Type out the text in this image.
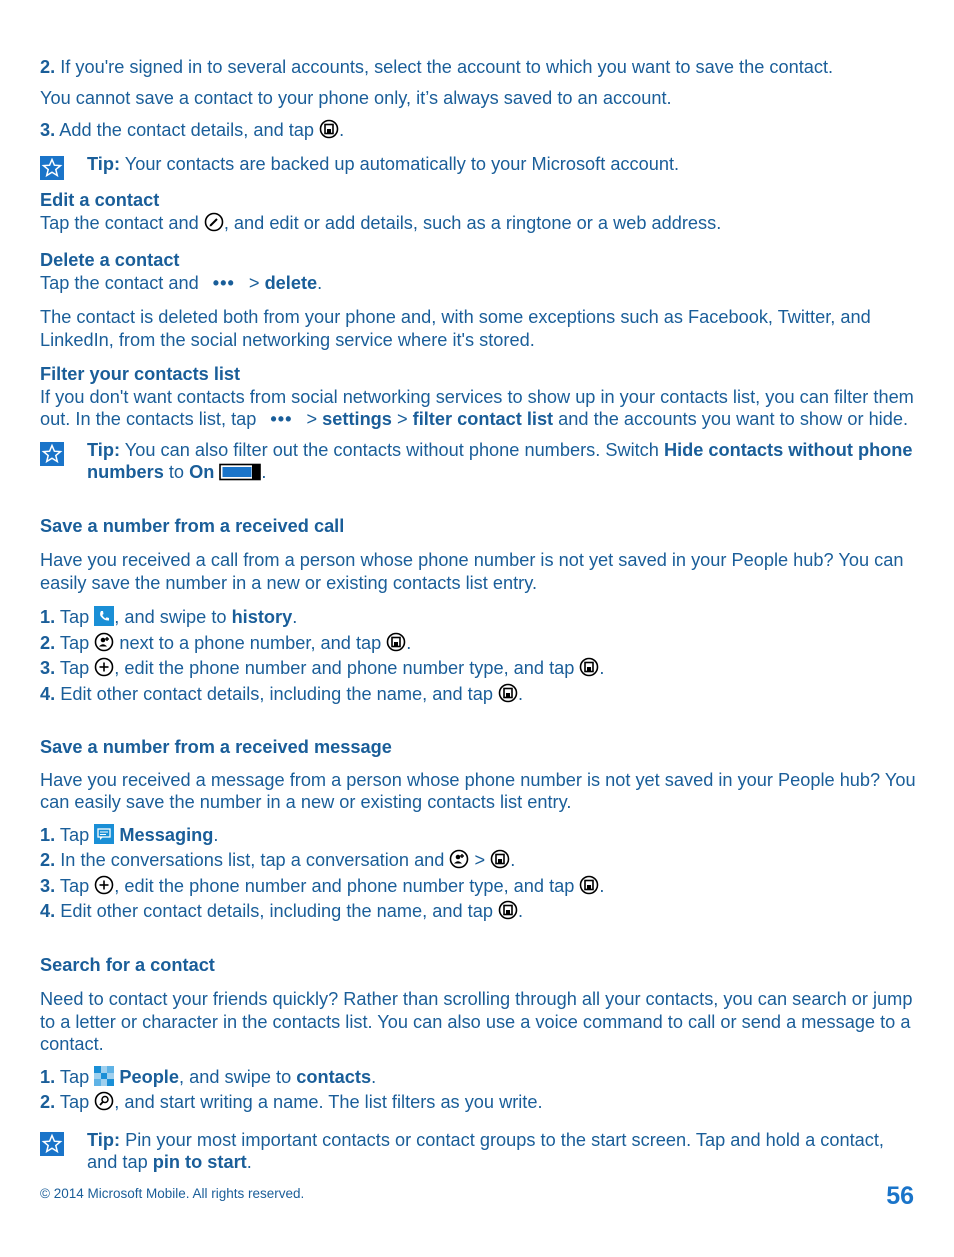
2. If you're signed in to several accounts, select the account to which you want to save the contact.

You cannot save a contact to your phone only, it’s always saved to an account.

3. Add the contact details, and tap .

Tip: Your contacts are backed up automatically to your Microsoft account.

Edit a contact

Tap the contact and , and edit or add details, such as a ringtone or a web address.

Delete a contact

Tap the contact and ••• > delete.

The contact is deleted both from your phone and, with some exceptions such as Facebook, Twitter, and LinkedIn, from the social networking service where it's stored.

Filter your contacts list

If you don't want contacts from social networking services to show up in your contacts list, you can filter them out. In the contacts list, tap ••• > settings > filter contact list and the accounts you want to show or hide.

Tip: You can also filter out the contacts without phone numbers. Switch Hide contacts without phone numbers to On	.

Save a number from a received call

Have you received a call from a person whose phone number is not yet saved in your People hub? You can easily save the number in a new or existing contacts list entry.

1. Tap , and swipe to history.

2. Tap  next to a phone number, and tap .

3. Tap , edit the phone number and phone number type, and tap .

4. Edit other contact details, including the name, and tap .

Save a number from a received message

Have you received a message from a person whose phone number is not yet saved in your People hub? You can easily save the number in a new or existing contacts list entry.

1. Tap  Messaging.

2. In the conversations list, tap a conversation and  > .

3. Tap , edit the phone number and phone number type, and tap .

4. Edit other contact details, including the name, and tap .

Search for a contact

Need to contact your friends quickly? Rather than scrolling through all your contacts, you can search or jump to a letter or character in the contacts list. You can also use a voice command to call or send a message to a contact.

1. Tap  People, and swipe to contacts.

2. Tap , and start writing a name. The list filters as you write.

Tip: Pin your most important contacts or contact groups to the start screen. Tap and hold a contact, and tap pin to start.

© 2014 Microsoft Mobile. All rights reserved.	56
